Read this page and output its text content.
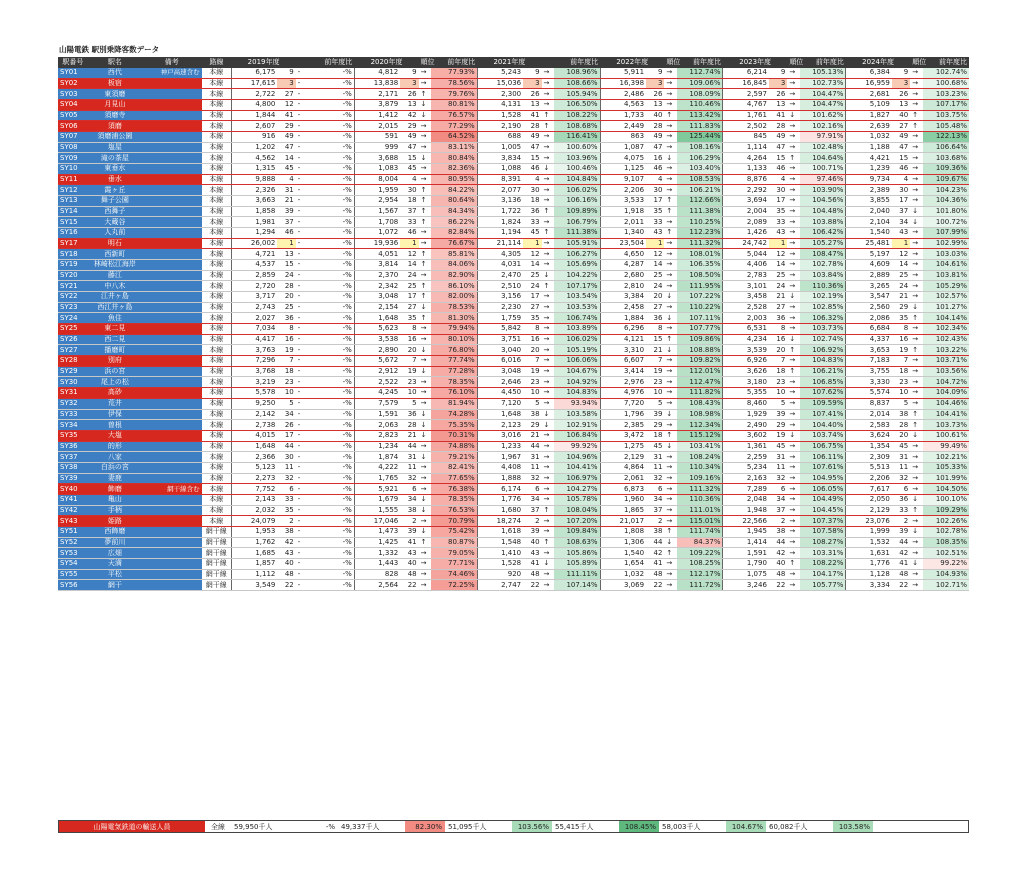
山陽電鉄 駅別乗降客数データ
駅番号	駅名	備考	路線	2019年度		前年度比		2020年度		順位	前年度比	2021年度		前年度比		2022年度		順位	前年度比	2023年度		順位	前年度比	2024年度		順位	前年度比
SY01	西代	神戸高速含む	本線	6,175	9	-	-%	4,812	9	→	77.93%	5,243	9	→	108.96%	5,911	9	→	112.74%	6,214	9	→	105.13%	6,384	9	→	102.74%
SY02	板宿		本線	17,615	3	-	-%	13,838	3	→	78.56%	15,036	3	→	108.66%	16,398	3	→	109.06%	16,845	3	→	102.73%	16,959	3	→	100.68%
SY03	東須磨		本線	2,722	27	-	-%	2,171	26	↑	79.76%	2,300	26	→	105.94%	2,486	26	→	108.09%	2,597	26	→	104.47%	2,681	26	→	103.23%
SY04	月見山		本線	4,800	12	-	-%	3,879	13	↓	80.81%	4,131	13	→	106.50%	4,563	13	→	110.46%	4,767	13	→	104.47%	5,109	13	→	107.17%
SY05	須磨寺		本線	1,844	41	-	-%	1,412	42	↓	76.57%	1,528	41	↑	108.22%	1,733	40	↑	113.42%	1,761	41	↓	101.62%	1,827	40	↑	103.75%
SY06	須磨		本線	2,607	29	-	-%	2,015	29	→	77.29%	2,190	28	↑	108.68%	2,449	28	→	111.83%	2,502	28	→	102.16%	2,639	27	↑	105.48%
SY07	須磨浦公園		本線	916	49	-	-%	591	49	→	64.52%	688	49	→	116.41%	863	49	→	125.44%	845	49	→	97.91%	1,032	49	→	122.13%
SY08	塩屋		本線	1,202	47	-	-%	999	47	→	83.11%	1,005	47	→	100.60%	1,087	47	→	108.16%	1,114	47	→	102.48%	1,188	47	→	106.64%
SY09	滝の茶屋		本線	4,562	14	-	-%	3,688	15	↓	80.84%	3,834	15	→	103.96%	4,075	16	↓	106.29%	4,264	15	↑	104.64%	4,421	15	→	103.68%
SY10	東垂水		本線	1,315	45	-	-%	1,083	45	→	82.36%	1,088	46	↓	100.46%	1,125	46	→	103.40%	1,133	46	→	100.71%	1,239	46	→	109.36%
SY11	垂水		本線	9,888	4	-	-%	8,004	4	→	80.95%	8,391	4	→	104.84%	9,107	4	→	108.53%	8,876	4	→	97.46%	9,734	4	→	109.67%
SY12	霞ヶ丘		本線	2,326	31	-	-%	1,959	30	↑	84.22%	2,077	30	→	106.02%	2,206	30	→	106.21%	2,292	30	→	103.90%	2,389	30	→	104.23%
SY13	舞子公園		本線	3,663	21	-	-%	2,954	18	↑	80.64%	3,136	18	→	106.16%	3,533	17	↑	112.66%	3,694	17	→	104.56%	3,855	17	→	104.36%
SY14	西舞子		本線	1,858	39	-	-%	1,567	37	↑	84.34%	1,722	36	↑	109.89%	1,918	35	↑	111.38%	2,004	35	→	104.48%	2,040	37	↓	101.80%
SY15	大蔵谷		本線	1,981	37	-	-%	1,708	33	↑	86.22%	1,824	33	→	106.79%	2,011	33	→	110.25%	2,089	33	→	103.88%	2,104	34	↓	100.72%
SY16	人丸前		本線	1,294	46	-	-%	1,072	46	→	82.84%	1,194	45	↑	111.38%	1,340	43	↑	112.23%	1,426	43	→	106.42%	1,540	43	→	107.99%
SY17	明石		本線	26,002	1	-	-%	19,936	1	→	76.67%	21,114	1	→	105.91%	23,504	1	→	111.32%	24,742	1	→	105.27%	25,481	1	→	102.99%
SY18	西新町		本線	4,721	13	-	-%	4,051	12	↑	85.81%	4,305	12	→	106.27%	4,650	12	→	108.01%	5,044	12	→	108.47%	5,197	12	→	103.03%
SY19	林崎松江海岸		本線	4,537	15	-	-%	3,814	14	↑	84.06%	4,031	14	→	105.69%	4,287	14	→	106.35%	4,406	14	→	102.78%	4,609	14	→	104.61%
SY20	藤江		本線	2,859	24	-	-%	2,370	24	→	82.90%	2,470	25	↓	104.22%	2,680	25	→	108.50%	2,783	25	→	103.84%	2,889	25	→	103.81%
SY21	中八木		本線	2,720	28	-	-%	2,342	25	↑	86.10%	2,510	24	↑	107.17%	2,810	24	→	111.95%	3,101	24	→	110.36%	3,265	24	→	105.29%
SY22	江井ヶ島		本線	3,717	20	-	-%	3,048	17	↑	82.00%	3,156	17	→	103.54%	3,384	20	↓	107.22%	3,458	21	↓	102.19%	3,547	21	→	102.57%
SY23	西江井ヶ島		本線	2,743	25	-	-%	2,154	27	↓	78.53%	2,230	27	→	103.53%	2,458	27	→	110.22%	2,528	27	→	102.85%	2,560	29	↓	101.27%
SY24	魚住		本線	2,027	36	-	-%	1,648	35	↑	81.30%	1,759	35	→	106.74%	1,884	36	↓	107.11%	2,003	36	→	106.32%	2,086	35	↑	104.14%
SY25	東二見		本線	7,034	8	-	-%	5,623	8	→	79.94%	5,842	8	→	103.89%	6,296	8	→	107.77%	6,531	8	→	103.73%	6,684	8	→	102.34%
SY26	西二見		本線	4,417	16	-	-%	3,538	16	→	80.10%	3,751	16	→	106.02%	4,121	15	↑	109.86%	4,234	16	↓	102.74%	4,337	16	→	102.43%
SY27	播磨町		本線	3,763	19	-	-%	2,890	20	↓	76.80%	3,040	20	→	105.19%	3,310	21	↓	108.88%	3,539	20	↑	106.92%	3,653	19	↑	103.22%
SY28	別府		本線	7,296	7	-	-%	5,672	7	→	77.74%	6,016	7	→	106.06%	6,607	7	→	109.82%	6,926	7	→	104.83%	7,183	7	→	103.71%
SY29	浜の宮		本線	3,768	18	-	-%	2,912	19	↓	77.28%	3,048	19	→	104.67%	3,414	19	→	112.01%	3,626	18	↑	106.21%	3,755	18	→	103.56%
SY30	尾上の松		本線	3,219	23	-	-%	2,522	23	→	78.35%	2,646	23	→	104.92%	2,976	23	→	112.47%	3,180	23	→	106.85%	3,330	23	→	104.72%
SY31	高砂		本線	5,578	10	-	-%	4,245	10	→	76.10%	4,450	10	→	104.83%	4,976	10	→	111.82%	5,355	10	→	107.62%	5,574	10	→	104.09%
SY32	荒井		本線	9,250	5	-	-%	7,579	5	→	81.94%	7,120	5	→	93.94%	7,720	5	→	108.43%	8,460	5	→	109.59%	8,837	5	→	104.46%
SY33	伊保		本線	2,142	34	-	-%	1,591	36	↓	74.28%	1,648	38	↓	103.58%	1,796	39	↓	108.98%	1,929	39	→	107.41%	2,014	38	↑	104.41%
SY34	曽根		本線	2,738	26	-	-%	2,063	28	↓	75.35%	2,123	29	↓	102.91%	2,385	29	→	112.34%	2,490	29	→	104.40%	2,583	28	↑	103.73%
SY35	大塩		本線	4,015	17	-	-%	2,823	21	↓	70.31%	3,016	21	→	106.84%	3,472	18	↑	115.12%	3,602	19	↓	103.74%	3,624	20	↓	100.61%
SY36	的形		本線	1,648	44	-	-%	1,234	44	→	74.88%	1,233	44	→	99.92%	1,275	45	↓	103.41%	1,361	45	→	106.75%	1,354	45	→	99.49%
SY37	八家		本線	2,366	30	-	-%	1,874	31	↓	79.21%	1,967	31	→	104.96%	2,129	31	→	108.24%	2,259	31	→	106.11%	2,309	31	→	102.21%
SY38	白浜の宮		本線	5,123	11	-	-%	4,222	11	→	82.41%	4,408	11	→	104.41%	4,864	11	→	110.34%	5,234	11	→	107.61%	5,513	11	→	105.33%
SY39	妻鹿		本線	2,273	32	-	-%	1,765	32	→	77.65%	1,888	32	→	106.97%	2,061	32	→	109.16%	2,163	32	→	104.95%	2,206	32	→	101.99%
SY40	飾磨	網干線含む	本線	7,752	6	-	-%	5,921	6	→	76.38%	6,174	6	→	104.27%	6,873	6	→	111.32%	7,289	6	→	106.05%	7,617	6	→	104.50%
SY41	亀山		本線	2,143	33	-	-%	1,679	34	↓	78.35%	1,776	34	→	105.78%	1,960	34	→	110.36%	2,048	34	→	104.49%	2,050	36	↓	100.10%
SY42	手柄		本線	2,032	35	-	-%	1,555	38	↓	76.53%	1,680	37	↑	108.04%	1,865	37	→	111.01%	1,948	37	→	104.45%	2,129	33	↑	109.29%
SY43	姫路		本線	24,079	2	-	-%	17,046	2	→	70.79%	18,274	2	→	107.20%	21,017	2	→	115.01%	22,566	2	→	107.37%	23,076	2	→	102.26%
SY51	西飾磨		網干線	1,953	38	-	-%	1,473	39	↓	75.42%	1,618	39	→	109.84%	1,808	38	↑	111.74%	1,945	38	→	107.58%	1,999	39	↓	102.78%
SY52	夢前川		網干線	1,762	42	-	-%	1,425	41	↑	80.87%	1,548	40	↑	108.63%	1,306	44	↓	84.37%	1,414	44	→	108.27%	1,532	44	→	108.35%
SY53	広畑		網干線	1,685	43	-	-%	1,332	43	→	79.05%	1,410	43	→	105.86%	1,540	42	↑	109.22%	1,591	42	→	103.31%	1,631	42	→	102.51%
SY54	天満		網干線	1,857	40	-	-%	1,443	40	→	77.71%	1,528	41	↓	105.89%	1,654	41	→	108.25%	1,790	40	↑	108.22%	1,776	41	↓	99.22%
SY55	平松		網干線	1,112	48	-	-%	828	48	→	74.46%	920	48	→	111.11%	1,032	48	→	112.17%	1,075	48	→	104.17%	1,128	48	→	104.93%
SY56	網干		網干線	3,549	22	-	-%	2,564	22	→	72.25%	2,747	22	→	107.14%	3,069	22	→	111.72%	3,246	22	→	105.77%	3,334	22	→	102.71%
山陽電気鉄道の輸送人員	全線	59,950千人	-% 49,337千人	82.30% 51,095千人	103.56% 55,415千人	108.45% 58,003千人	104.67% 60,082千人	103.58%
